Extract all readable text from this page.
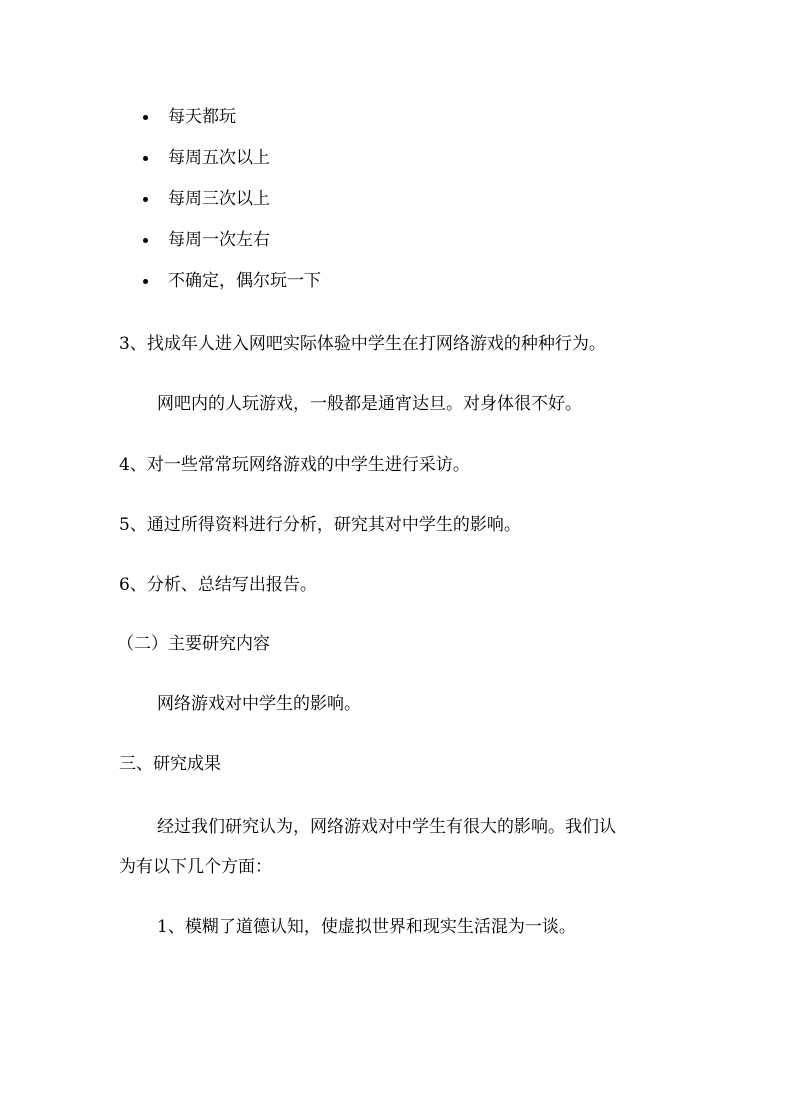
每天都玩
每周五次以上
每周三次以上
每周一次左右
不确定，偶尔玩一下
3、找成年人进入网吧实际体验中学生在打网络游戏的种种行为。
网吧内的人玩游戏，一般都是通宵达旦。对身体很不好。
4、对一些常常玩网络游戏的中学生进行采访。
5、通过所得资料进行分析，研究其对中学生的影响。
6、分析、总结写出报告。
（二）主要研究内容
网络游戏对中学生的影响。
三、研究成果
经过我们研究认为，网络游戏对中学生有很大的影响。我们认
为有以下几个方面：
1、模糊了道德认知，使虚拟世界和现实生活混为一谈。
